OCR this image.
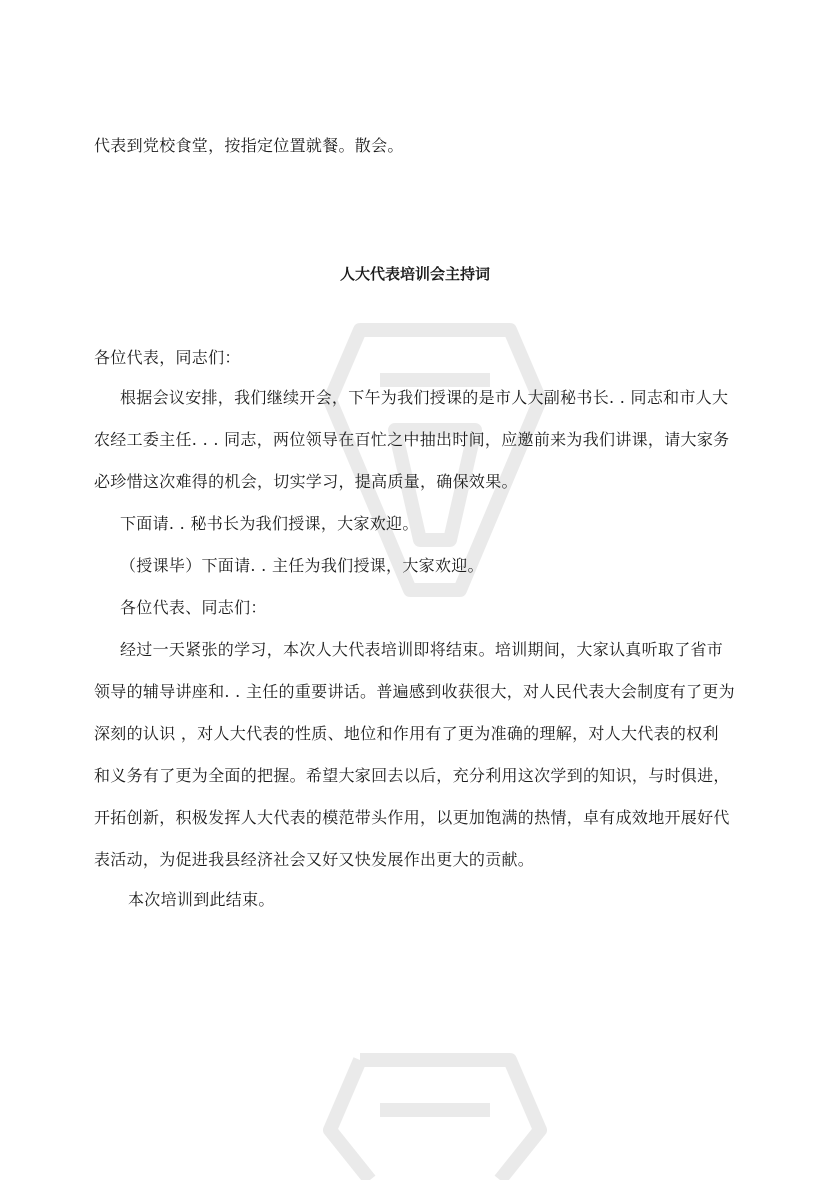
代表到党校食堂，按指定位置就餐。散会。
人大代表培训会主持词
各位代表，同志们：
根据会议安排，我们继续开会，下午为我们授课的是市人大副秘书长. . 同志和市人大
农经工委主任. . . 同志，两位领导在百忙之中抽出时间，应邀前来为我们讲课，请大家务
必珍惜这次难得的机会，切实学习，提高质量，确保效果。
下面请. . 秘书长为我们授课，大家欢迎。
（授课毕）下面请. . 主任为我们授课，大家欢迎。
各位代表、同志们：
经过一天紧张的学习，本次人大代表培训即将结束。培训期间，大家认真听取了省市
领导的辅导讲座和. . 主任的重要讲话。普遍感到收获很大，对人民代表大会制度有了更为
深刻的认识 ，对人大代表的性质、地位和作用有了更为准确的理解，对人大代表的权利
和义务有了更为全面的把握。希望大家回去以后，充分利用这次学到的知识，与时俱进，
开拓创新，积极发挥人大代表的模范带头作用，以更加饱满的热情，卓有成效地开展好代
表活动，为促进我县经济社会又好又快发展作出更大的贡献。
本次培训到此结束。
